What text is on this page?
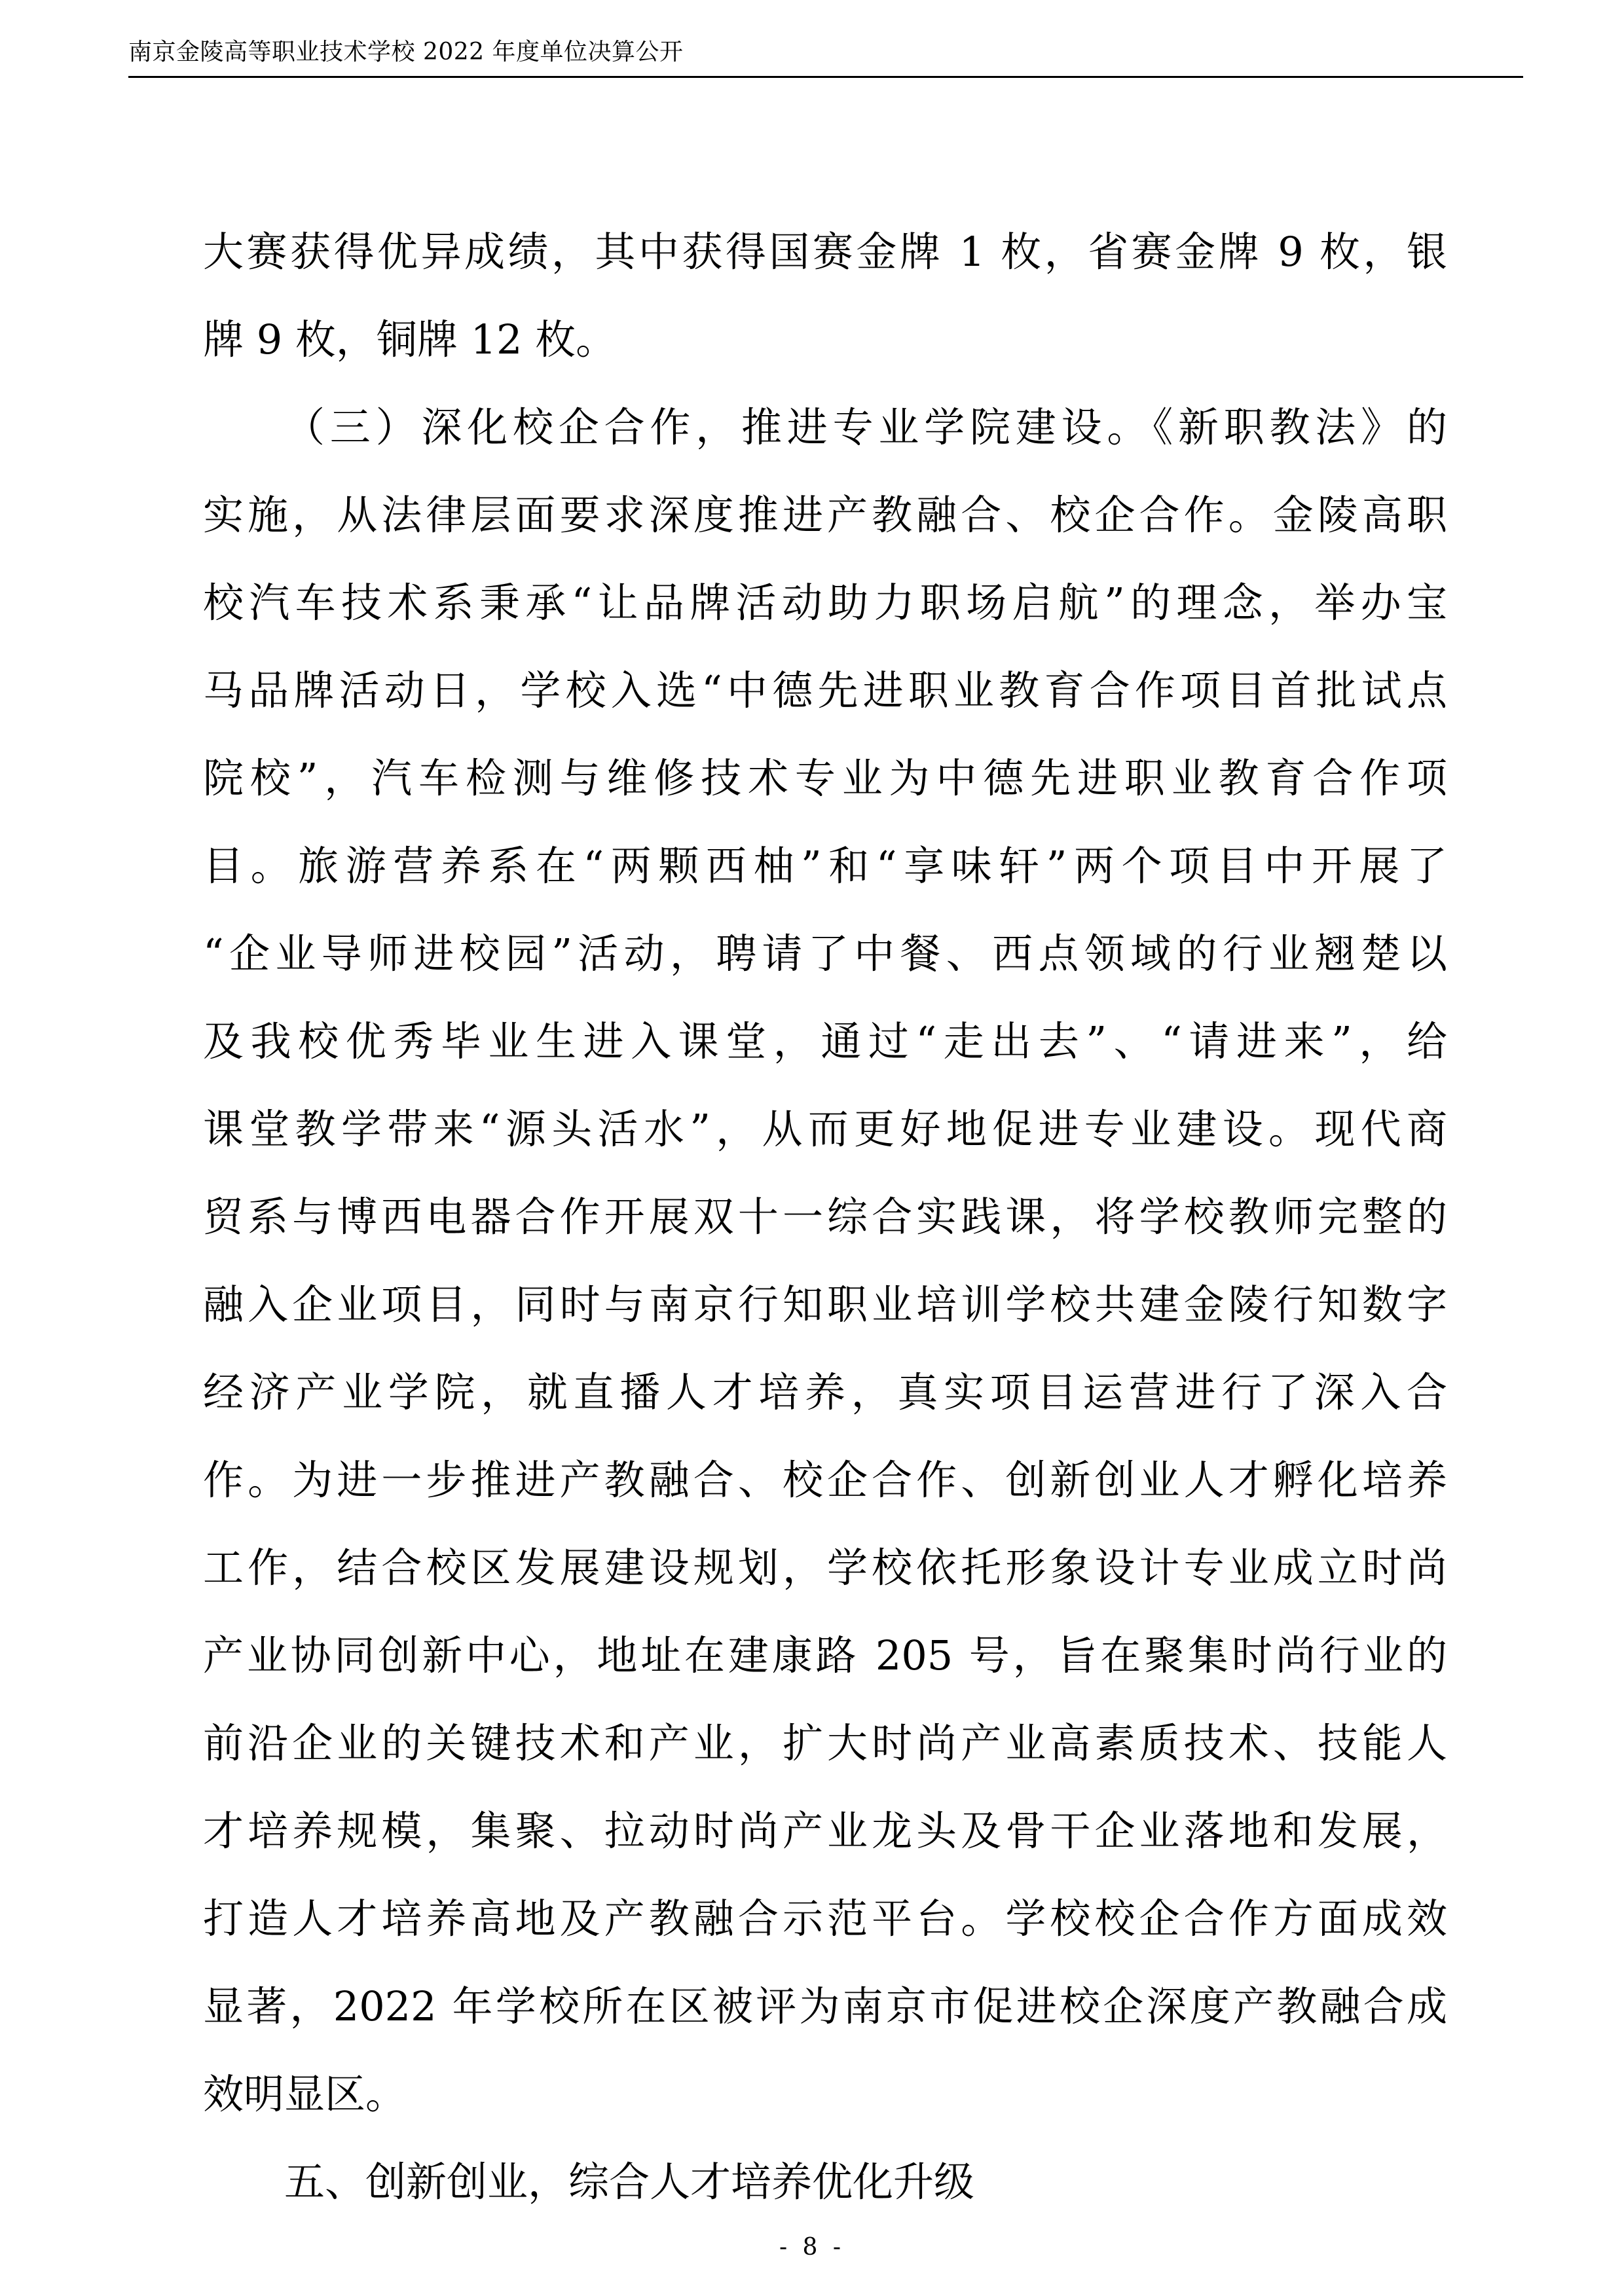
南京金陵高等职业技术学校 2022 年度单位决算公开
大赛获得优异成绩，其中获得国赛金牌 1 枚，省赛金牌 9 枚，银
牌 9 枚，铜牌 12 枚。
（三）深化校企合作，推进专业学院建设。《新职教法》的
实施，从法律层面要求深度推进产教融合、校企合作。金陵高职
校汽车技术系秉承“让品牌活动助力职场启航”的理念，举办宝
马品牌活动日，学校入选“中德先进职业教育合作项目首批试点
院校”，汽车检测与维修技术专业为中德先进职业教育合作项
目。旅游营养系在“两颗西柚”和“享味轩”两个项目中开展了
“企业导师进校园”活动，聘请了中餐、西点领域的行业翘楚以
及我校优秀毕业生进入课堂，通过“走出去”、“请进来”，给
课堂教学带来“源头活水”，从而更好地促进专业建设。现代商
贸系与博西电器合作开展双十一综合实践课，将学校教师完整的
融入企业项目，同时与南京行知职业培训学校共建金陵行知数字
经济产业学院，就直播人才培养，真实项目运营进行了深入合
作。为进一步推进产教融合、校企合作、创新创业人才孵化培养
工作，结合校区发展建设规划，学校依托形象设计专业成立时尚
产业协同创新中心，地址在建康路 205 号，旨在聚集时尚行业的
前沿企业的关键技术和产业，扩大时尚产业高素质技术、技能人
才培养规模，集聚、拉动时尚产业龙头及骨干企业落地和发展，
打造人才培养高地及产教融合示范平台。学校校企合作方面成效
显著，2022 年学校所在区被评为南京市促进校企深度产教融合成
效明显区。
五、创新创业，综合人才培养优化升级
- 8 -
